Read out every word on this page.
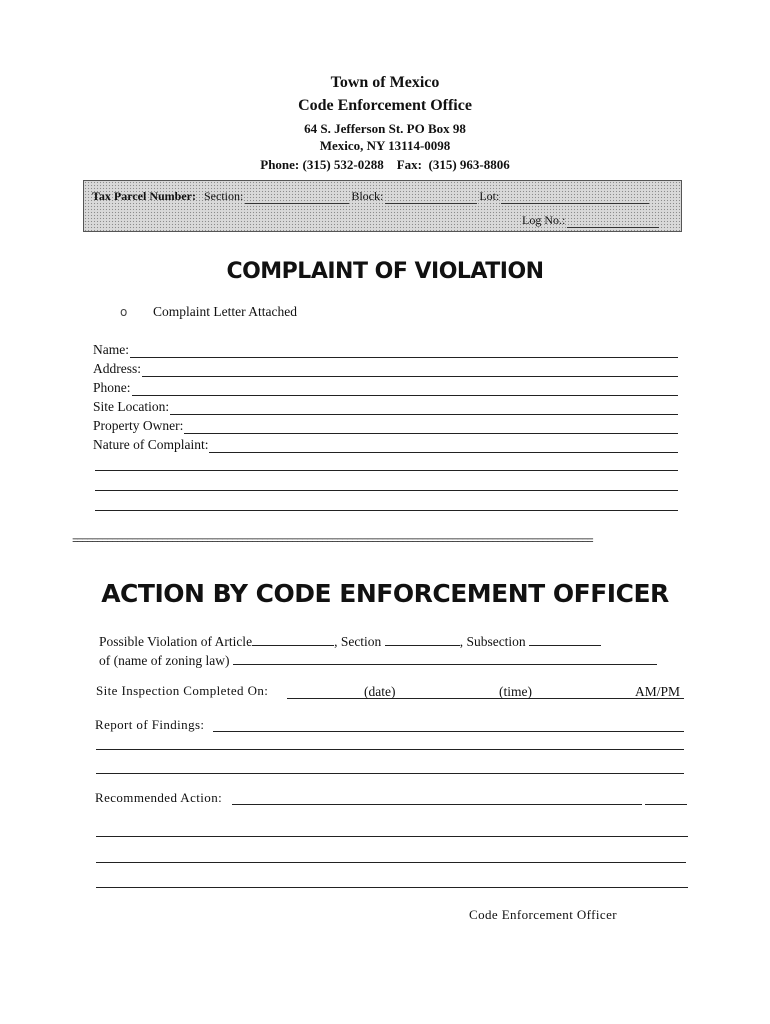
Town of Mexico
Code Enforcement Office
64 S. Jefferson St. PO Box 98
Mexico, NY 13114-0098
Phone: (315) 532-0288    Fax:  (315) 963-8806
Tax Parcel Number: Section:	Block:	Lot:
Log No.:
COMPLAINT OF VIOLATION
o	Complaint Letter Attached
Name:
Address:
Phone:
Site Location:
Property Owner:
Nature of Complaint:
========================================================================================================
ACTION BY CODE ENFORCEMENT OFFICER
Possible Violation of Article	, Section	, Subsection
of (name of zoning law)
Site Inspection Completed On:	(date)	(time)	AM/PM
Report of Findings:
Recommended Action:
Code Enforcement Officer
